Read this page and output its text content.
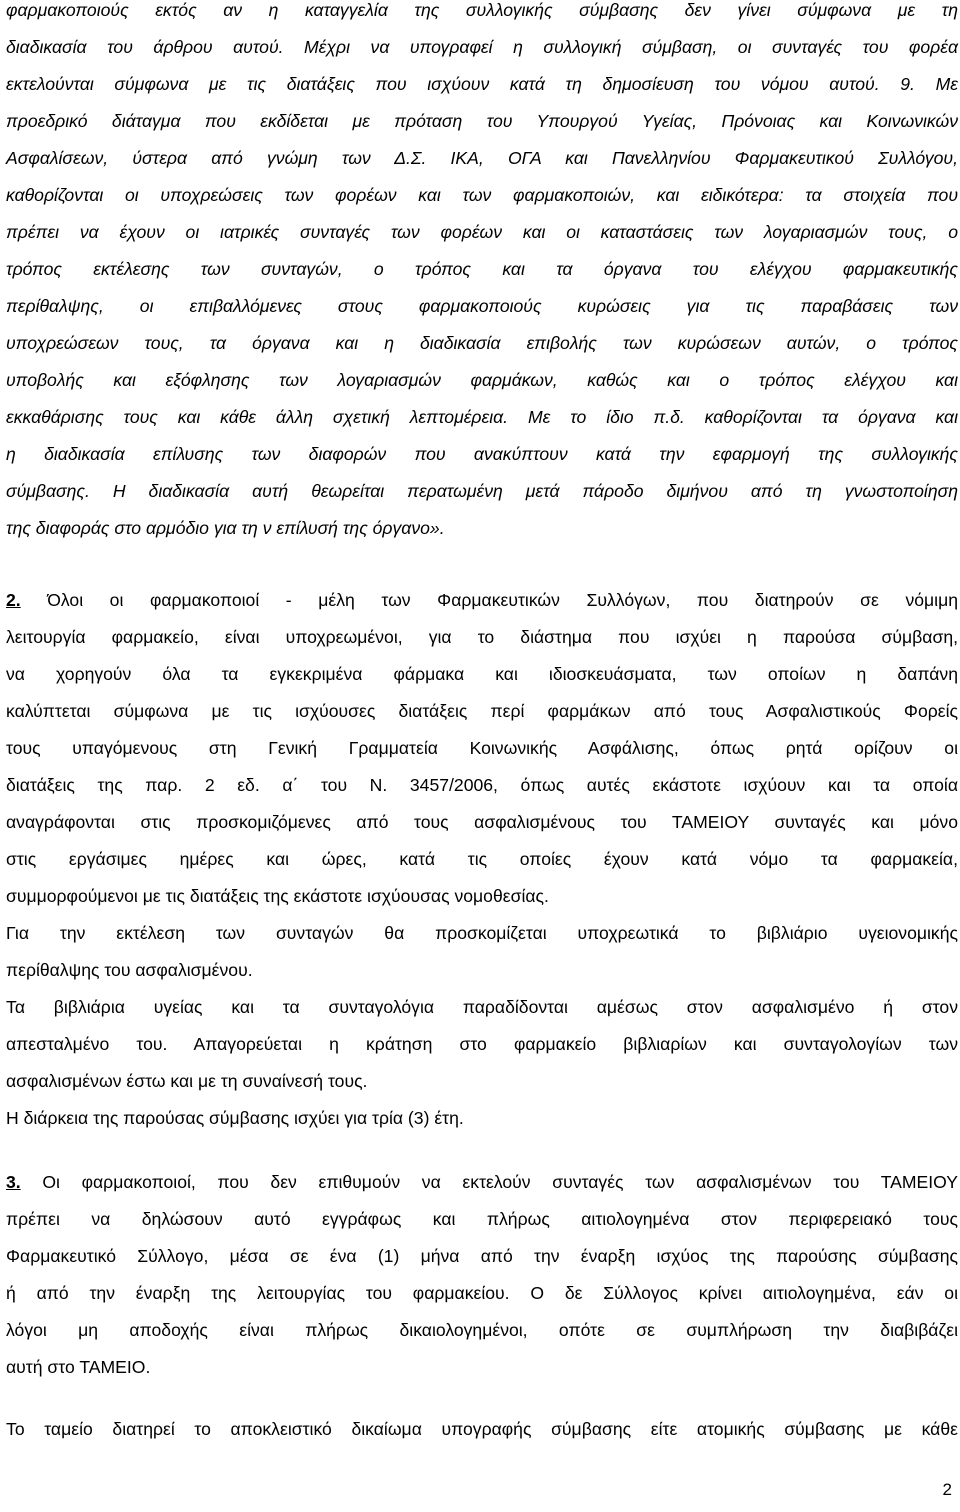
φαρμακοποιούς εκτός αν η καταγγελία της συλλογικής σύμβασης δεν γίνει σύμφωνα με τη
διαδικασία του άρθρου αυτού. Μέχρι να υπογραφεί η συλλογική σύμβαση, οι συνταγές του φορέα
εκτελούνται σύμφωνα με τις διατάξεις που ισχύουν κατά τη δημοσίευση του νόμου αυτού. 9. Με
προεδρικό διάταγμα που εκδίδεται με πρόταση του Υπουργού Υγείας, Πρόνοιας και Κοινωνικών
Ασφαλίσεων, ύστερα από γνώμη των Δ.Σ. ΙΚΑ, ΟΓΑ και Πανελληνίου Φαρμακευτικού Συλλόγου,
καθορίζονται οι υποχρεώσεις των φορέων και των φαρμακοποιών, και ειδικότερα: τα στοιχεία που
πρέπει να έχουν οι ιατρικές συνταγές των φορέων και οι καταστάσεις των λογαριασμών τους, ο
τρόπος εκτέλεσης των συνταγών, ο τρόπος και τα όργανα του ελέγχου φαρμακευτικής
περίθαλψης, οι επιβαλλόμενες στους φαρμακοποιούς κυρώσεις για τις παραβάσεις των
υποχρεώσεων τους, τα όργανα και η διαδικασία επιβολής των κυρώσεων αυτών, ο τρόπος
υποβολής και εξόφλησης των λογαριασμών φαρμάκων, καθώς και ο τρόπος ελέγχου και
εκκαθάρισης τους και κάθε άλλη σχετική λεπτομέρεια. Με το ίδιο π.δ. καθορίζονται τα όργανα και
η διαδικασία επίλυσης των διαφορών που ανακύπτουν κατά την εφαρμογή της συλλογικής
σύμβασης. Η διαδικασία αυτή θεωρείται περατωμένη μετά πάροδο διμήνου από τη γνωστοποίηση
της διαφοράς στο αρμόδιο για τη ν επίλυσή της όργανο».
2. Όλοι οι φαρμακοποιοί - μέλη των Φαρμακευτικών Συλλόγων, που διατηρούν σε νόμιμη
λειτουργία φαρμακείο, είναι υποχρεωμένοι, για το διάστημα που ισχύει η παρούσα σύμβαση,
να χορηγούν όλα τα εγκεκριμένα φάρμακα και ιδιοσκευάσματα, των οποίων η δαπάνη
καλύπτεται σύμφωνα με τις ισχύουσες διατάξεις περί φαρμάκων από τους Ασφαλιστικούς Φορείς
τους υπαγόμενους στη Γενική Γραμματεία Κοινωνικής Ασφάλισης, όπως ρητά ορίζουν οι
διατάξεις της παρ. 2 εδ. α΄ του Ν. 3457/2006, όπως αυτές εκάστοτε ισχύουν και τα οποία
αναγράφονται στις προσκομιζόμενες από τους ασφαλισμένους του ΤΑΜΕΙΟΥ συνταγές και μόνο
στις εργάσιμες ημέρες και ώρες, κατά τις οποίες έχουν κατά νόμο τα φαρμακεία,
συμμορφούμενοι με τις διατάξεις της εκάστοτε ισχύουσας νομοθεσίας.
Για την εκτέλεση των συνταγών θα προσκομίζεται υποχρεωτικά το βιβλιάριο υγειονομικής
περίθαλψης του ασφαλισμένου.
Τα βιβλιάρια υγείας και τα συνταγολόγια παραδίδονται αμέσως στον ασφαλισμένο ή στον
απεσταλμένο του. Απαγορεύεται η κράτηση στο φαρμακείο βιβλιαρίων και συνταγολογίων των
ασφαλισμένων έστω και με τη συναίνεσή τους.
Η διάρκεια της παρούσας σύμβασης ισχύει για τρία (3) έτη.
3. Οι φαρμακοποιοί, που δεν επιθυμούν να εκτελούν συνταγές των ασφαλισμένων του ΤΑΜΕΙΟΥ
πρέπει να δηλώσουν αυτό εγγράφως και πλήρως αιτιολογημένα στον περιφερειακό τους
Φαρμακευτικό Σύλλογο, μέσα σε ένα (1) μήνα από την έναρξη ισχύος της παρούσης σύμβασης
ή από την έναρξη της λειτουργίας του φαρμακείου. Ο δε Σύλλογος κρίνει αιτιολογημένα, εάν οι
λόγοι μη αποδοχής είναι πλήρως δικαιολογημένοι, οπότε σε συμπλήρωση την διαβιβάζει
αυτή στο ΤΑΜΕΙΟ.
Το ταμείο διατηρεί το αποκλειστικό δικαίωμα υπογραφής σύμβασης είτε ατομικής σύμβασης με κάθε
2
